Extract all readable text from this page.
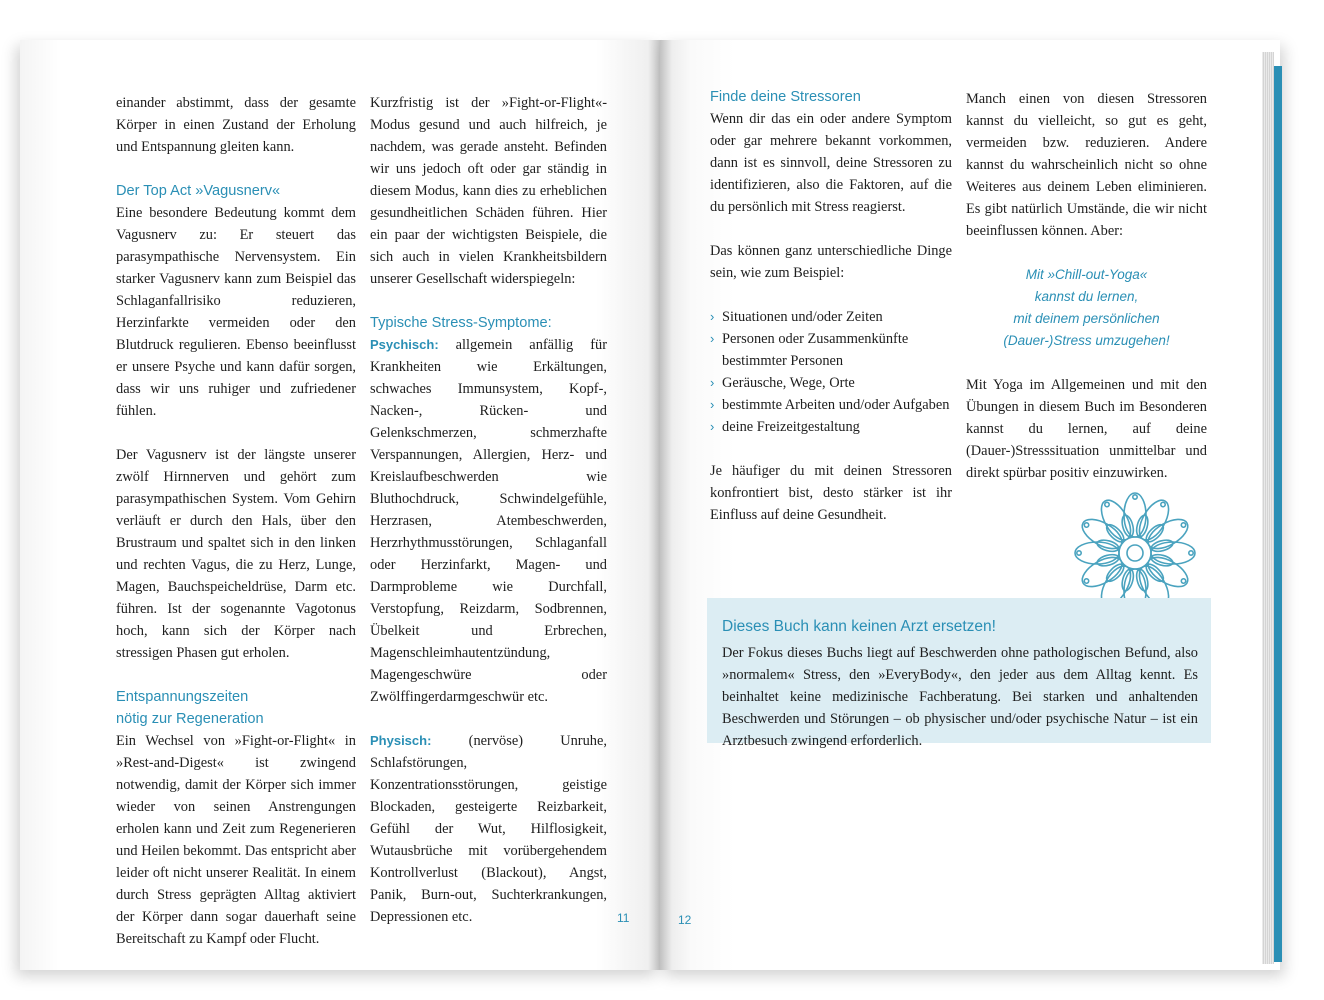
einander abstimmt, dass der gesamte Körper in einen Zustand der Erholung und Entspannung gleiten kann.

Der Top Act »Vagusnerv«

Eine besondere Bedeutung kommt dem Vagusnerv zu: Er steuert das parasympathische Nervensystem. Ein starker Vagusnerv kann zum Beispiel das Schlaganfallrisiko reduzieren, Herzinfarkte vermeiden oder den Blutdruck regulieren. Ebenso beeinflusst er unsere Psyche und kann dafür sorgen, dass wir uns ruhiger und zufriedener fühlen.

Der Vagusnerv ist der längste unserer zwölf Hirnnerven und gehört zum parasympathischen System. Vom Gehirn verläuft er durch den Hals, über den Brustraum und spaltet sich in den linken und rechten Vagus, die zu Herz, Lunge, Magen, Bauchspeicheldrüse, Darm etc. führen. Ist der sogenannte Vagotonus hoch, kann sich der Körper nach stressigen Phasen gut erholen.

Entspannungszeiten

nötig zur Regeneration

Ein Wechsel von »Fight-or-Flight« in »Rest-and-Digest« ist zwingend notwendig, damit der Körper sich immer wieder von seinen Anstrengungen erholen kann und Zeit zum Regenerieren und Heilen bekommt. Das entspricht aber leider oft nicht unserer Realität. In einem durch Stress geprägten Alltag aktiviert der Körper dann sogar dauerhaft seine Bereitschaft zu Kampf oder Flucht.

Kurzfristig ist der »Fight-or-Flight«-Modus gesund und auch hilfreich, je nachdem, was gerade ansteht. Befinden wir uns jedoch oft oder gar ständig in diesem Modus, kann dies zu erheblichen gesundheitlichen Schäden führen. Hier ein paar der wichtigsten Beispiele, die sich auch in vielen Krankheitsbildern unserer Gesellschaft widerspiegeln:

Typische Stress-Symptome:

Psychisch: allgemein anfällig für Krankheiten wie Erkältungen, schwaches Immunsystem, Kopf-, Nacken-, Rücken- und Gelenkschmerzen, schmerzhafte Verspannungen, Allergien, Herz- und Kreislaufbeschwerden wie Bluthochdruck, Schwindelgefühle, Herzrasen, Atembeschwerden, Herzrhythmusstörungen, Schlaganfall oder Herzinfarkt, Magen- und Darmprobleme wie Durchfall, Verstopfung, Reizdarm, Sodbrennen, Übelkeit und Erbrechen, Magenschleimhautentzündung, Magengeschwüre oder Zwölffingerdarmgeschwür etc.

Physisch:	(nervöse) Unruhe, Schlafstörungen, Konzentrationsstörungen, geistige Blockaden, gesteigerte Reizbarkeit, Gefühl der Wut, Hilflosigkeit, Wutausbrüche mit vorübergehendem Kontrollverlust (Blackout), Angst, Panik, Burn-out, Suchterkrankungen, Depressionen etc.	11

Finde deine Stressoren

Wenn dir das ein oder andere Symptom oder gar mehrere bekannt vorkommen, dann ist es sinnvoll, deine Stressoren zu identifizieren, also die Faktoren, auf die du persönlich mit Stress reagierst.

Das können ganz unterschiedliche Dinge sein, wie zum Beispiel:

› Situationen und/oder Zeiten
› Personen oder Zusammenkünfte bestimmter Personen
› Geräusche, Wege, Orte
› bestimmte Arbeiten und/oder Aufgaben
› deine Freizeitgestaltung

Je häufiger du mit deinen Stressoren konfrontiert bist, desto stärker ist ihr Einfluss auf deine Gesundheit.

Manch einen von diesen Stressoren kannst du vielleicht, so gut es geht, vermeiden bzw. reduzieren. Andere kannst du wahrscheinlich nicht so ohne Weiteres aus deinem Leben eliminieren. Es gibt natürlich Umstände, die wir nicht beeinflussen können. Aber:

Mit »Chill-out-Yoga«

kannst du lernen,

mit deinem persönlichen

(Dauer-)Stress umzugehen!

Mit Yoga im Allgemeinen und mit den Übungen in diesem Buch im Besonderen kannst du lernen, auf deine (Dauer-)Stresssituation unmittelbar und direkt spürbar positiv einzuwirken.

Dieses Buch kann keinen Arzt ersetzen!

Der Fokus dieses Buchs liegt auf Beschwerden ohne pathologischen Befund, also »normalem« Stress, den »EveryBody«, den jeder aus dem Alltag kennt. Es beinhaltet keine medizinische Fachberatung. Bei starken und anhaltenden Beschwerden und Störungen – ob physischer und/oder psychische Natur – ist ein Arztbesuch zwingend erforderlich.

12
